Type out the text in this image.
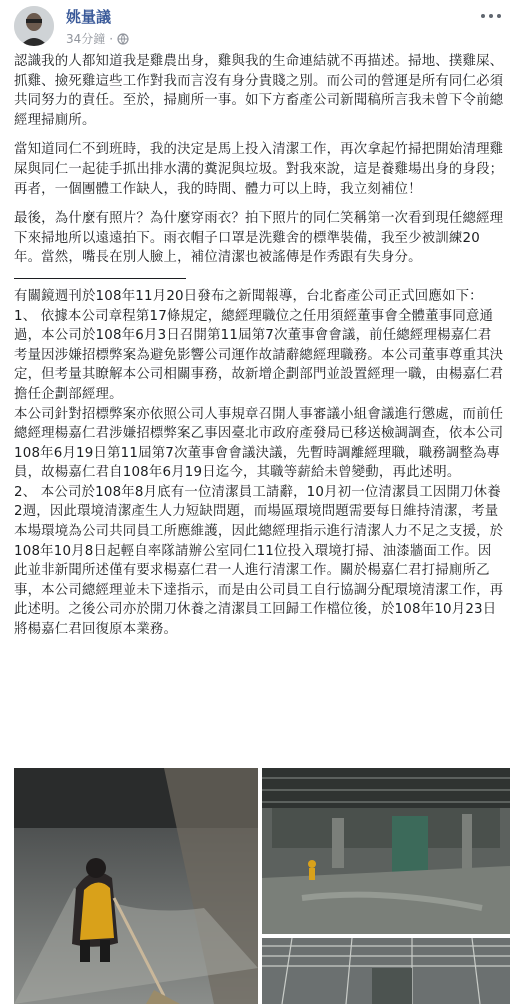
姚量議
34分鐘 ·

認識我的人都知道我是雞農出身，雞與我的生命連結就不再描述。掃地、撲雞屎、抓雞、撿死雞這些工作對我而言沒有身分貴賤之別。而公司的營運是所有同仁必須共同努力的責任。至於，掃廁所一事。如下方畜產公司新聞稿所言我未曾下令前總經理掃廁所。

當知道同仁不到班時，我的決定是馬上投入清潔工作，再次拿起竹掃把開始清理雞屎與同仁一起徒手抓出排水溝的糞泥與垃圾。對我來說，這是養雞場出身的身段；再者，一個團體工作缺人，我的時間、體力可以上時，我立刻補位！

最後，為什麼有照片？為什麼穿雨衣？拍下照片的同仁笑稱第一次看到現任總經理下來掃地所以遠遠拍下。雨衣帽子口罩是洗雞舍的標準裝備，我至少被訓練20年。當然，嘴長在別人臉上，補位清潔也被謠傳是作秀跟有失身分。

有關鏡週刊於108年11月20日發布之新聞報導，台北畜產公司正式回應如下：

1、 依據本公司章程第17條規定，總經理職位之任用須經董事會全體董事同意通過，本公司於108年6月3日召開第11屆第7次董事會會議，前任總經理楊嘉仁君考量因涉嫌招標弊案為避免影響公司運作故請辭總經理職務。本公司董事尊重其決定，但考量其瞭解本公司相關事務，故新增企劃部門並設置經理一職，由楊嘉仁君擔任企劃部經理。

本公司針對招標弊案亦依照公司人事規章召開人事審議小組會議進行懲處，而前任總經理楊嘉仁君涉嫌招標弊案乙事因臺北市政府產發局已移送檢調調查，依本公司108年6月19日第11屆第7次董事會會議決議，先暫時調離經理職，職務調整為專員，故楊嘉仁君自108年6月19日迄今，其職等薪給未曾變動，再此述明。

2、 本公司於108年8月底有一位清潔員工請辭，10月初一位清潔員工因開刀休養2週，因此環境清潔產生人力短缺問題，而場區環境問題需要每日維持清潔，考量本場環境為公司共同員工所應維護，因此總經理指示進行清潔人力不足之支援，於108年10月8日起輕自率隊請辦公室同仁11位投入環境打掃、油漆牆面工作。因此並非新聞所述僅有要求楊嘉仁君一人進行清潔工作。關於楊嘉仁君打掃廁所乙事，本公司總經理並未下達指示，而是由公司員工自行協調分配環境清潔工作，再此述明。之後公司亦於開刀休養之清潔員工回歸工作檔位後，於108年10月23日將楊嘉仁君回復原本業務。
